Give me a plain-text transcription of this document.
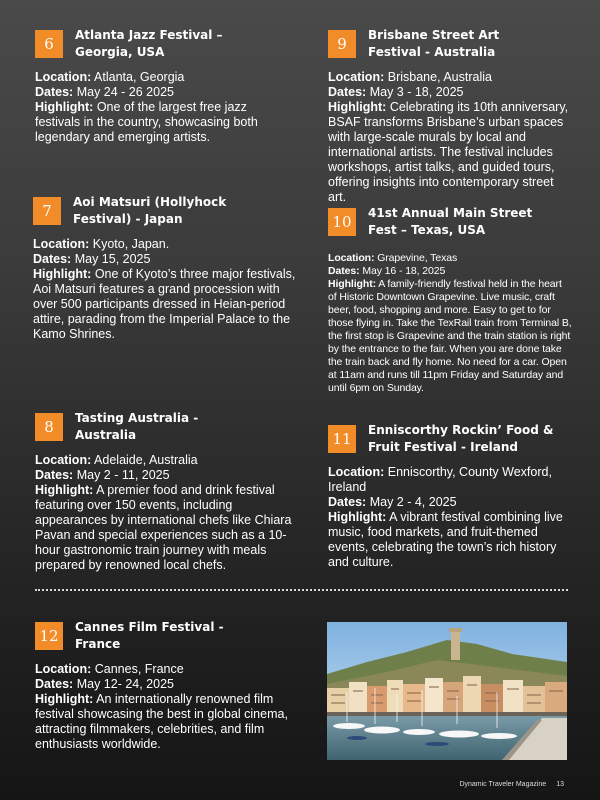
6	Atlanta Jazz Festival –
Georgia, USA
Location: Atlanta, Georgia
Dates: May 24 - 26 2025
Highlight: One of the largest free jazz festivals in the country, showcasing both legendary and emerging artists.
7	Aoi Matsuri (Hollyhock
Festival) - Japan
Location: Kyoto, Japan.
Dates: May 15, 2025
Highlight: One of Kyoto’s three major festivals, Aoi Matsuri features a grand procession with over 500 participants dressed in Heian-period attire, parading from the Imperial Palace to the Kamo Shrines.
8	Tasting Australia -
Australia
Location: Adelaide, Australia
Dates: May 2 - 11, 2025
Highlight: A premier food and drink festival featuring over 150 events, including appearances by international chefs like Chiara Pavan and special experiences such as a 10-hour gastronomic train journey with meals prepared by renowned local chefs.
9	Brisbane Street Art
Festival - Australia
Location: Brisbane, Australia
Dates: May 3 - 18, 2025
Highlight: Celebrating its 10th anniversary, BSAF transforms Brisbane’s urban spaces with large-scale murals by local and international artists. The festival includes workshops, artist talks, and guided tours, offering insights into contemporary street art.
10	41st Annual Main Street
Fest – Texas, USA
Location: Grapevine, Texas
Dates: May 16 - 18, 2025
Highlight: A family-friendly festival held in the heart of Historic Downtown Grapevine. Live music, craft beer, food, shopping and more. Easy to get to for those flying in. Take the TexRail train from Terminal B, the first stop is Grapevine and the train station is right by the entrance to the fair. When you are done take the train back and fly home. No need for a car. Open at 11am and runs till 11pm Friday and Saturday and until 6pm on Sunday.
11	Enniscorthy Rockin’ Food &
Fruit Festival - Ireland
Location: Enniscorthy, County Wexford, Ireland
Dates: May 2 - 4, 2025
Highlight: A vibrant festival combining live music, food markets, and fruit-themed events, celebrating the town’s rich history and culture.
12	Cannes Film Festival -
France
Location: Cannes, France
Dates: May 12- 24, 2025
Highlight: An internationally renowned film festival showcasing the best in global cinema, attracting filmmakers, celebrities, and film enthusiasts worldwide.
Dynamic Traveler Magazine 13
